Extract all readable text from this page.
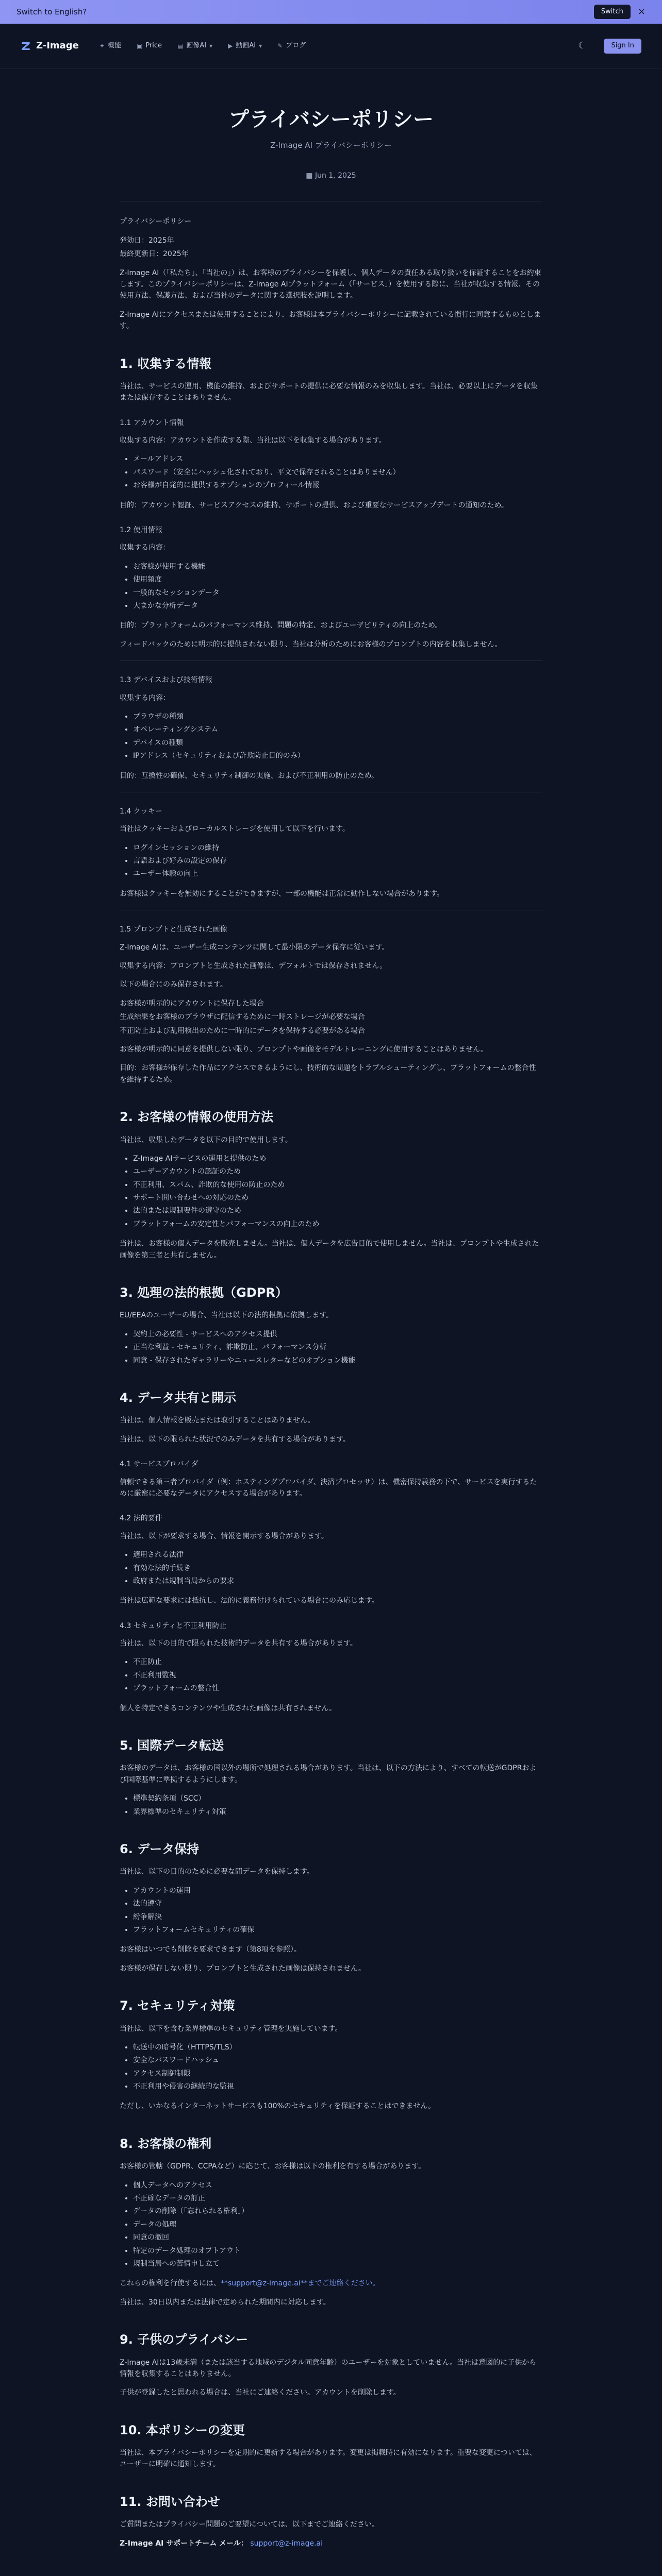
Switch to English?	Switch	×
Z-Image	✦ 機能	▣ Price	▤ 画像AI ▾	▶ 動画AI ▾	✎ ブログ	☾	Sign In
プライバシーポリシー
Z-Image AI プライバシーポリシー
▦ Jun 1, 2025

プライバシーポリシー

発効日：2025年

最終更新日：2025年

Z-Image AI（「私たち」、「当社の」）は、お客様のプライバシーを保護し、個人データの責任ある取り扱いを保証することをお約束します。このプライバシーポリシーは、Z-Image AIプラットフォーム（「サービス」）を使用する際に、当社が収集する情報、その使用方法、保護方法、および当社のデータに関する選択肢を説明します。

Z-Image AIにアクセスまたは使用することにより、お客様は本プライバシーポリシーに記載されている慣行に同意するものとします。

1. 収集する情報

当社は、サービスの運用、機能の維持、およびサポートの提供に必要な情報のみを収集します。当社は、必要以上にデータを収集または保存することはありません。

1.1 アカウント情報

収集する内容：アカウントを作成する際、当社は以下を収集する場合があります。

• メールアドレス
• パスワード（安全にハッシュ化されており、平文で保存されることはありません）
• お客様が自発的に提供するオプションのプロフィール情報

目的：アカウント認証、サービスアクセスの維持、サポートの提供、および重要なサービスアップデートの通知のため。

1.2 使用情報

収集する内容：

• お客様が使用する機能
• 使用頻度
• 一般的なセッションデータ
• 大まかな分析データ

目的：プラットフォームのパフォーマンス維持、問題の特定、およびユーザビリティの向上のため。

フィードバックのために明示的に提供されない限り、当社は分析のためにお客様のプロンプトの内容を収集しません。

1.3 デバイスおよび技術情報

収集する内容：

• ブラウザの種類
• オペレーティングシステム
• デバイスの種類
• IPアドレス（セキュリティおよび詐欺防止目的のみ）

目的：互換性の確保、セキュリティ制御の実施、および不正利用の防止のため。

1.4 クッキー

当社はクッキーおよびローカルストレージを使用して以下を行います。

• ログインセッションの維持
• 言語および好みの設定の保存
• ユーザー体験の向上

お客様はクッキーを無効にすることができますが、一部の機能は正常に動作しない場合があります。

1.5 プロンプトと生成された画像

Z-Image AIは、ユーザー生成コンテンツに関して最小限のデータ保存に従います。

収集する内容：プロンプトと生成された画像は、デフォルトでは保存されません。

以下の場合にのみ保存されます。

お客様が明示的にアカウントに保存した場合

生成結果をお客様のブラウザに配信するために一時ストレージが必要な場合

不正防止および乱用検出のために一時的にデータを保持する必要がある場合

お客様が明示的に同意を提供しない限り、プロンプトや画像をモデルトレーニングに使用することはありません。

目的：お客様が保存した作品にアクセスできるようにし、技術的な問題をトラブルシューティングし、プラットフォームの整合性を維持するため。

2. お客様の情報の使用方法

当社は、収集したデータを以下の目的で使用します。

• Z-Image AIサービスの運用と提供のため
• ユーザーアカウントの認証のため
• 不正利用、スパム、詐欺的な使用の防止のため
• サポート問い合わせへの対応のため
• 法的または規制要件の遵守のため
• プラットフォームの安定性とパフォーマンスの向上のため

当社は、お客様の個人データを販売しません。当社は、個人データを広告目的で使用しません。当社は、プロンプトや生成された画像を第三者と共有しません。

3. 処理の法的根拠（GDPR）

EU/EEAのユーザーの場合、当社は以下の法的根拠に依拠します。

• 契約上の必要性 - サービスへのアクセス提供
• 正当な利益 - セキュリティ、詐欺防止、パフォーマンス分析
• 同意 - 保存されたギャラリーやニュースレターなどのオプション機能
4. データ共有と開示

当社は、個人情報を販売または取引することはありません。

当社は、以下の限られた状況でのみデータを共有する場合があります。

4.1 サービスプロバイダ

信頼できる第三者プロバイダ（例：ホスティングプロバイダ、決済プロセッサ）は、機密保持義務の下で、サービスを実行するために厳密に必要なデータにアクセスする場合があります。

4.2 法的要件

当社は、以下が要求する場合、情報を開示する場合があります。

• 適用される法律
• 有効な法的手続き
• 政府または規制当局からの要求

当社は広範な要求には抵抗し、法的に義務付けられている場合にのみ応じます。

4.3 セキュリティと不正利用防止

当社は、以下の目的で限られた技術的データを共有する場合があります。

• 不正防止
• 不正利用監視
• プラットフォームの整合性

個人を特定できるコンテンツや生成された画像は共有されません。

5. 国際データ転送

お客様のデータは、お客様の国以外の場所で処理される場合があります。当社は、以下の方法により、すべての転送がGDPRおよび国際基準に準拠するようにします。

• 標準契約条項（SCC）
• 業界標準のセキュリティ対策
6. データ保持

当社は、以下の目的のために必要な間データを保持します。

• アカウントの運用
• 法的遵守
• 紛争解決
• プラットフォームセキュリティの確保

お客様はいつでも削除を要求できます（第8項を参照）。

お客様が保存しない限り、プロンプトと生成された画像は保持されません。

7. セキュリティ対策

当社は、以下を含む業界標準のセキュリティ管理を実施しています。

• 転送中の暗号化（HTTPS/TLS）
• 安全なパスワードハッシュ
• アクセス制御制限
• 不正利用や侵害の継続的な監視

ただし、いかなるインターネットサービスも100%のセキュリティを保証することはできません。

8. お客様の権利

お客様の管轄（GDPR、CCPAなど）に応じて、お客様は以下の権利を有する場合があります。

• 個人データへのアクセス
• 不正確なデータの訂正
• データの削除（「忘れられる権利」）
• データの処理
• 同意の撤回
• 特定のデータ処理のオプトアウト
• 規制当局への苦情申し立て

これらの権利を行使するには、**support@z-image.ai**までご連絡ください。

当社は、30日以内または法律で定められた期間内に対応します。

9. 子供のプライバシー

Z-Image AIは13歳未満（または該当する地域のデジタル同意年齢）のユーザーを対象としていません。当社は意図的に子供から情報を収集することはありません。

子供が登録したと思われる場合は、当社にご連絡ください。アカウントを削除します。

10. 本ポリシーの変更

当社は、本プライバシーポリシーを定期的に更新する場合があります。変更は掲載時に有効になります。重要な変更については、ユーザーに明確に通知します。

11. お問い合わせ

ご質問またはプライバシー問題のご要望については、以下までご連絡ください。

Z-Image AI サポートチーム メール： support@z-image.ai
